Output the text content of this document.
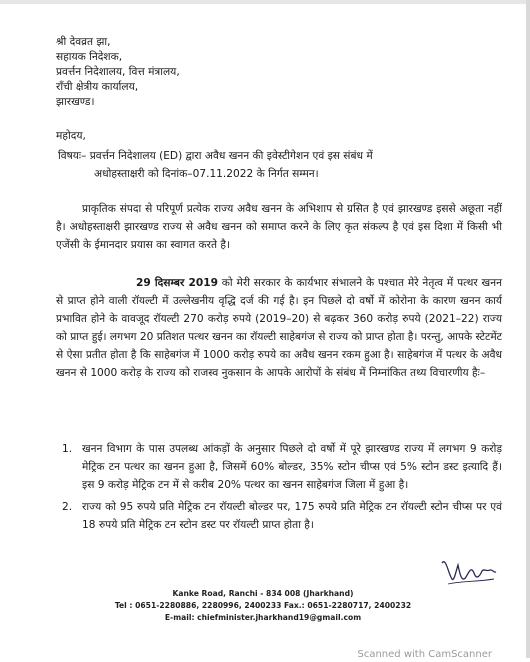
श्री देवव्रत झा,
सहायक निदेशक,
प्रवर्त्तन निदेशालय, वित्त मंत्रालय,
राँची क्षेत्रीय कार्यालय,
झारखण्ड।
महोदय,
विषयः– प्रवर्त्तन निदेशालय (ED) द्वारा अवैध खनन की इवेस्टीगेशन एवं इस संबंध में
अधोहस्ताक्षरी को दिनांक–07.11.2022 के निर्गत सम्मन।
प्राकृतिक संपदा से परिपूर्ण प्रत्येक राज्य अवैध खनन के अभिशाप से ग्रसित है एवं झारखण्ड इससे अछूता नहीं है। अधोहस्ताक्षरी झारखण्ड राज्य से अवैध खनन को समाप्त करने के लिए कृत संकल्प है एवं इस दिशा में किसी भी एजेंसी के ईमानदार प्रयास का स्वागत करते है।
29 दिसम्बर 2019 को मेरी सरकार के कार्यभार संभालने के पश्चात मेरे नेतृत्व में पत्थर खनन से प्राप्त होने वाली रॉयल्टी में उल्लेखनीय वृद्धि दर्ज की गई है। इन पिछले दो वर्षो में कोरोना के कारण खनन कार्य प्रभावित होने के वावजूद रॉयल्टी 270 करोड़ रुपये (2019–20) से बढ़कर 360 करोड़ रुपये (2021–22) राज्य को प्राप्त हुई। लगभग 20 प्रतिशत पत्थर खनन का रॉयल्टी साहेबगंज से राज्य को प्राप्त होता है। परन्तु, आपके स्टेटमेंट से ऐसा प्रतीत होता है कि साहेबगंज में 1000 करोड़ रुपये का अवैध खनन रकम हुआ है। साहेबगंज में पत्थर के अवैध खनन से 1000 करोड़ के राज्य को राजस्व नुकसान के आपके आरोपों के संबंध में निम्नांकित तथ्य विचारणीय हैः–
1. खनन विभाग के पास उपलब्ध आंकड़ों के अनुसार पिछले दो वर्षो में पूरे झारखण्ड राज्य में लगभग 9 करोड़ मेट्रिक टन पत्थर का खनन हुआ है, जिसमें 60% बोल्डर, 35% स्टोन चीप्स एवं 5% स्टोन डस्ट इत्यादि हैं। इस 9 करोड़ मेट्रिक टन में से करीब 20% पत्थर का खनन साहेबगंज जिला में हुआ है।
2. राज्य को 95 रुपये प्रति मेट्रिक टन रॉयल्टी बोल्डर पर, 175 रुपये प्रति मेट्रिक टन रॉयल्टी स्टोन चीप्स पर एवं 18 रुपये प्रति मेट्रिक टन स्टोन डस्ट पर रॉयल्टी प्राप्त होता है।
Kanke Road, Ranchi - 834 008 (Jharkhand)
Tel : 0651-2280886, 2280996, 2400233 Fax.: 0651-2280717, 2400232
E-mail: chiefminister.jharkhand19@gmail.com
Scanned with CamScanner
